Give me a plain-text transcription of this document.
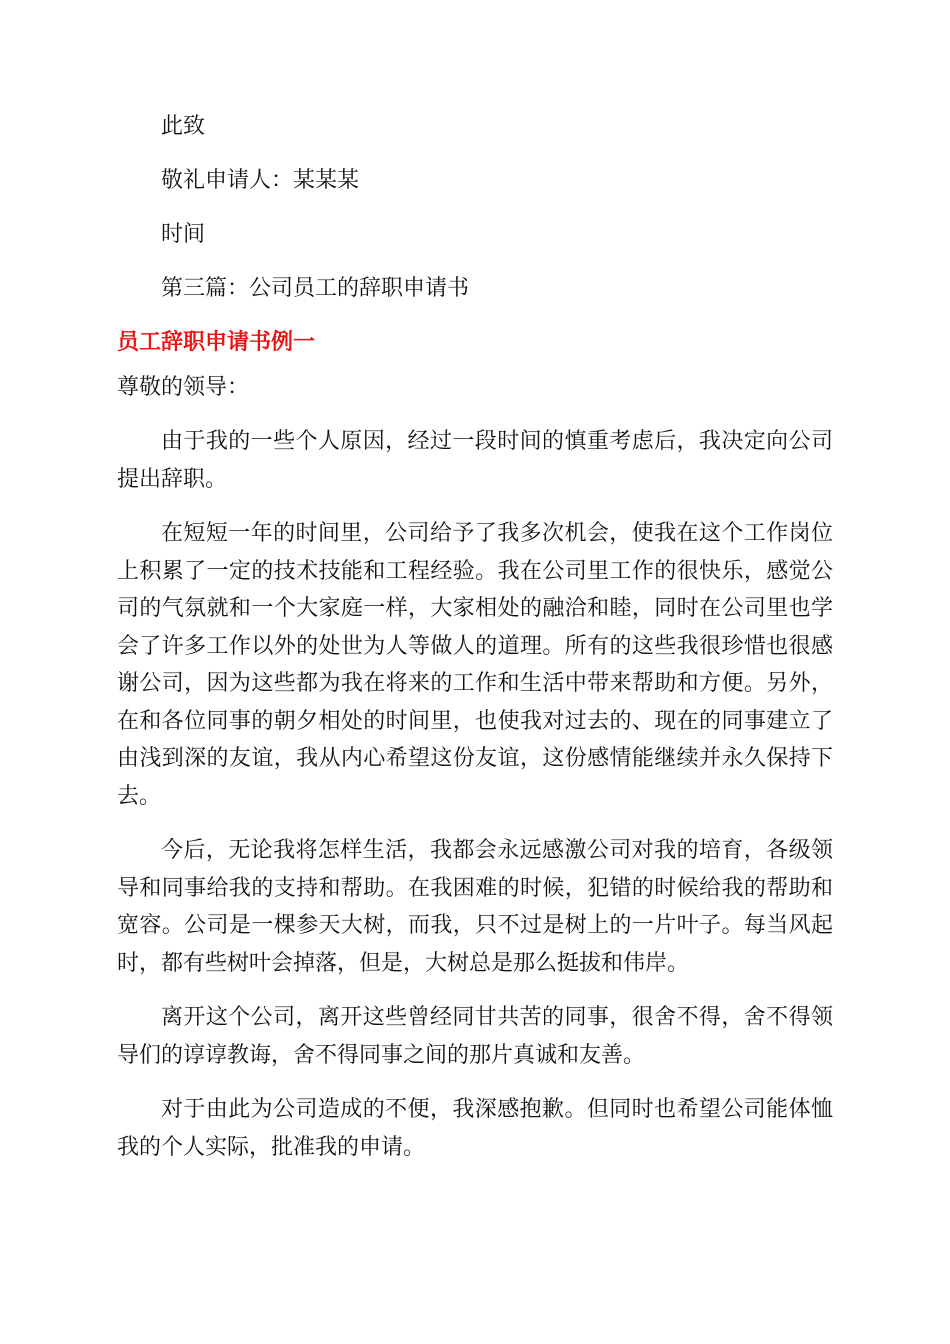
此致

敬礼申请人：某某某

时间

第三篇：公司员工的辞职申请书

员工辞职申请书例一

尊敬的领导：

由于我的一些个人原因，经过一段时间的慎重考虑后，我决定向公司提出辞职。

在短短一年的时间里，公司给予了我多次机会，使我在这个工作岗位上积累了一定的技术技能和工程经验。我在公司里工作的很快乐，感觉公司的气氛就和一个大家庭一样，大家相处的融洽和睦，同时在公司里也学会了许多工作以外的处世为人等做人的道理。所有的这些我很珍惜也很感谢公司，因为这些都为我在将来的工作和生活中带来帮助和方便。另外，在和各位同事的朝夕相处的时间里，也使我对过去的、现在的同事建立了由浅到深的友谊，我从内心希望这份友谊，这份感情能继续并永久保持下去。

今后，无论我将怎样生活，我都会永远感激公司对我的培育，各级领导和同事给我的支持和帮助。在我困难的时候，犯错的时候给我的帮助和宽容。公司是一棵参天大树，而我，只不过是树上的一片叶子。每当风起时，都有些树叶会掉落，但是，大树总是那么挺拔和伟岸。

离开这个公司，离开这些曾经同甘共苦的同事，很舍不得，舍不得领导们的谆谆教诲，舍不得同事之间的那片真诚和友善。

对于由此为公司造成的不便，我深感抱歉。但同时也希望公司能体恤我的个人实际，批准我的申请。
